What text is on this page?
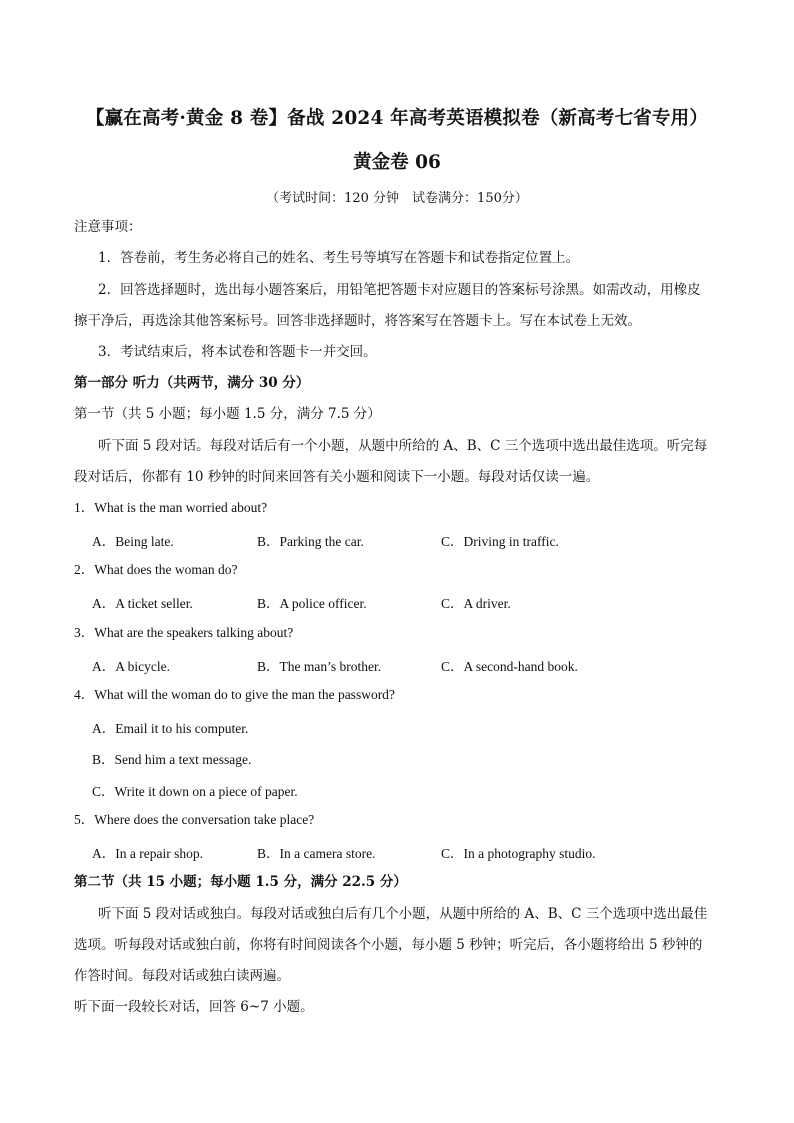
【赢在高考·黄金 8 卷】备战 2024 年高考英语模拟卷（新高考七省专用）
黄金卷 06
（考试时间：120 分钟　试卷满分：150分）
注意事项：
1．答卷前，考生务必将自己的姓名、考生号等填写在答题卡和试卷指定位置上。
2．回答选择题时，选出每小题答案后，用铅笔把答题卡对应题目的答案标号涂黑。如需改动，用橡皮
擦干净后，再选涂其他答案标号。回答非选择题时，将答案写在答题卡上。写在本试卷上无效。
3．考试结束后，将本试卷和答题卡一并交回。
第一部分 听力（共两节，满分 30 分）
第一节（共 5 小题；每小题 1.5 分，满分 7.5 分）
听下面 5 段对话。每段对话后有一个小题，从题中所给的 A、B、C 三个选项中选出最佳选项。听完每
段对话后，你都有 10 秒钟的时间来回答有关小题和阅读下一小题。每段对话仅读一遍。
1．What is the man worried about?
A．Being late.	B．Parking the car.	C．Driving in traffic.
2．What does the woman do?
A．A ticket seller.	B．A police officer.	C．A driver.
3．What are the speakers talking about?
A．A bicycle.	B．The man’s brother.	C．A second-hand book.
4．What will the woman do to give the man the password?
A．Email it to his computer.
B．Send him a text message.
C．Write it down on a piece of paper.
5．Where does the conversation take place?
A．In a repair shop.	B．In a camera store.	C．In a photography studio.
第二节（共 15 小题；每小题 1.5 分，满分 22.5 分）
听下面 5 段对话或独白。每段对话或独白后有几个小题，从题中所给的 A、B、C 三个选项中选出最佳
选项。听每段对话或独白前，你将有时间阅读各个小题，每小题 5 秒钟；听完后，各小题将给出 5 秒钟的
作答时间。每段对话或独白读两遍。
听下面一段较长对话，回答 6~7 小题。
